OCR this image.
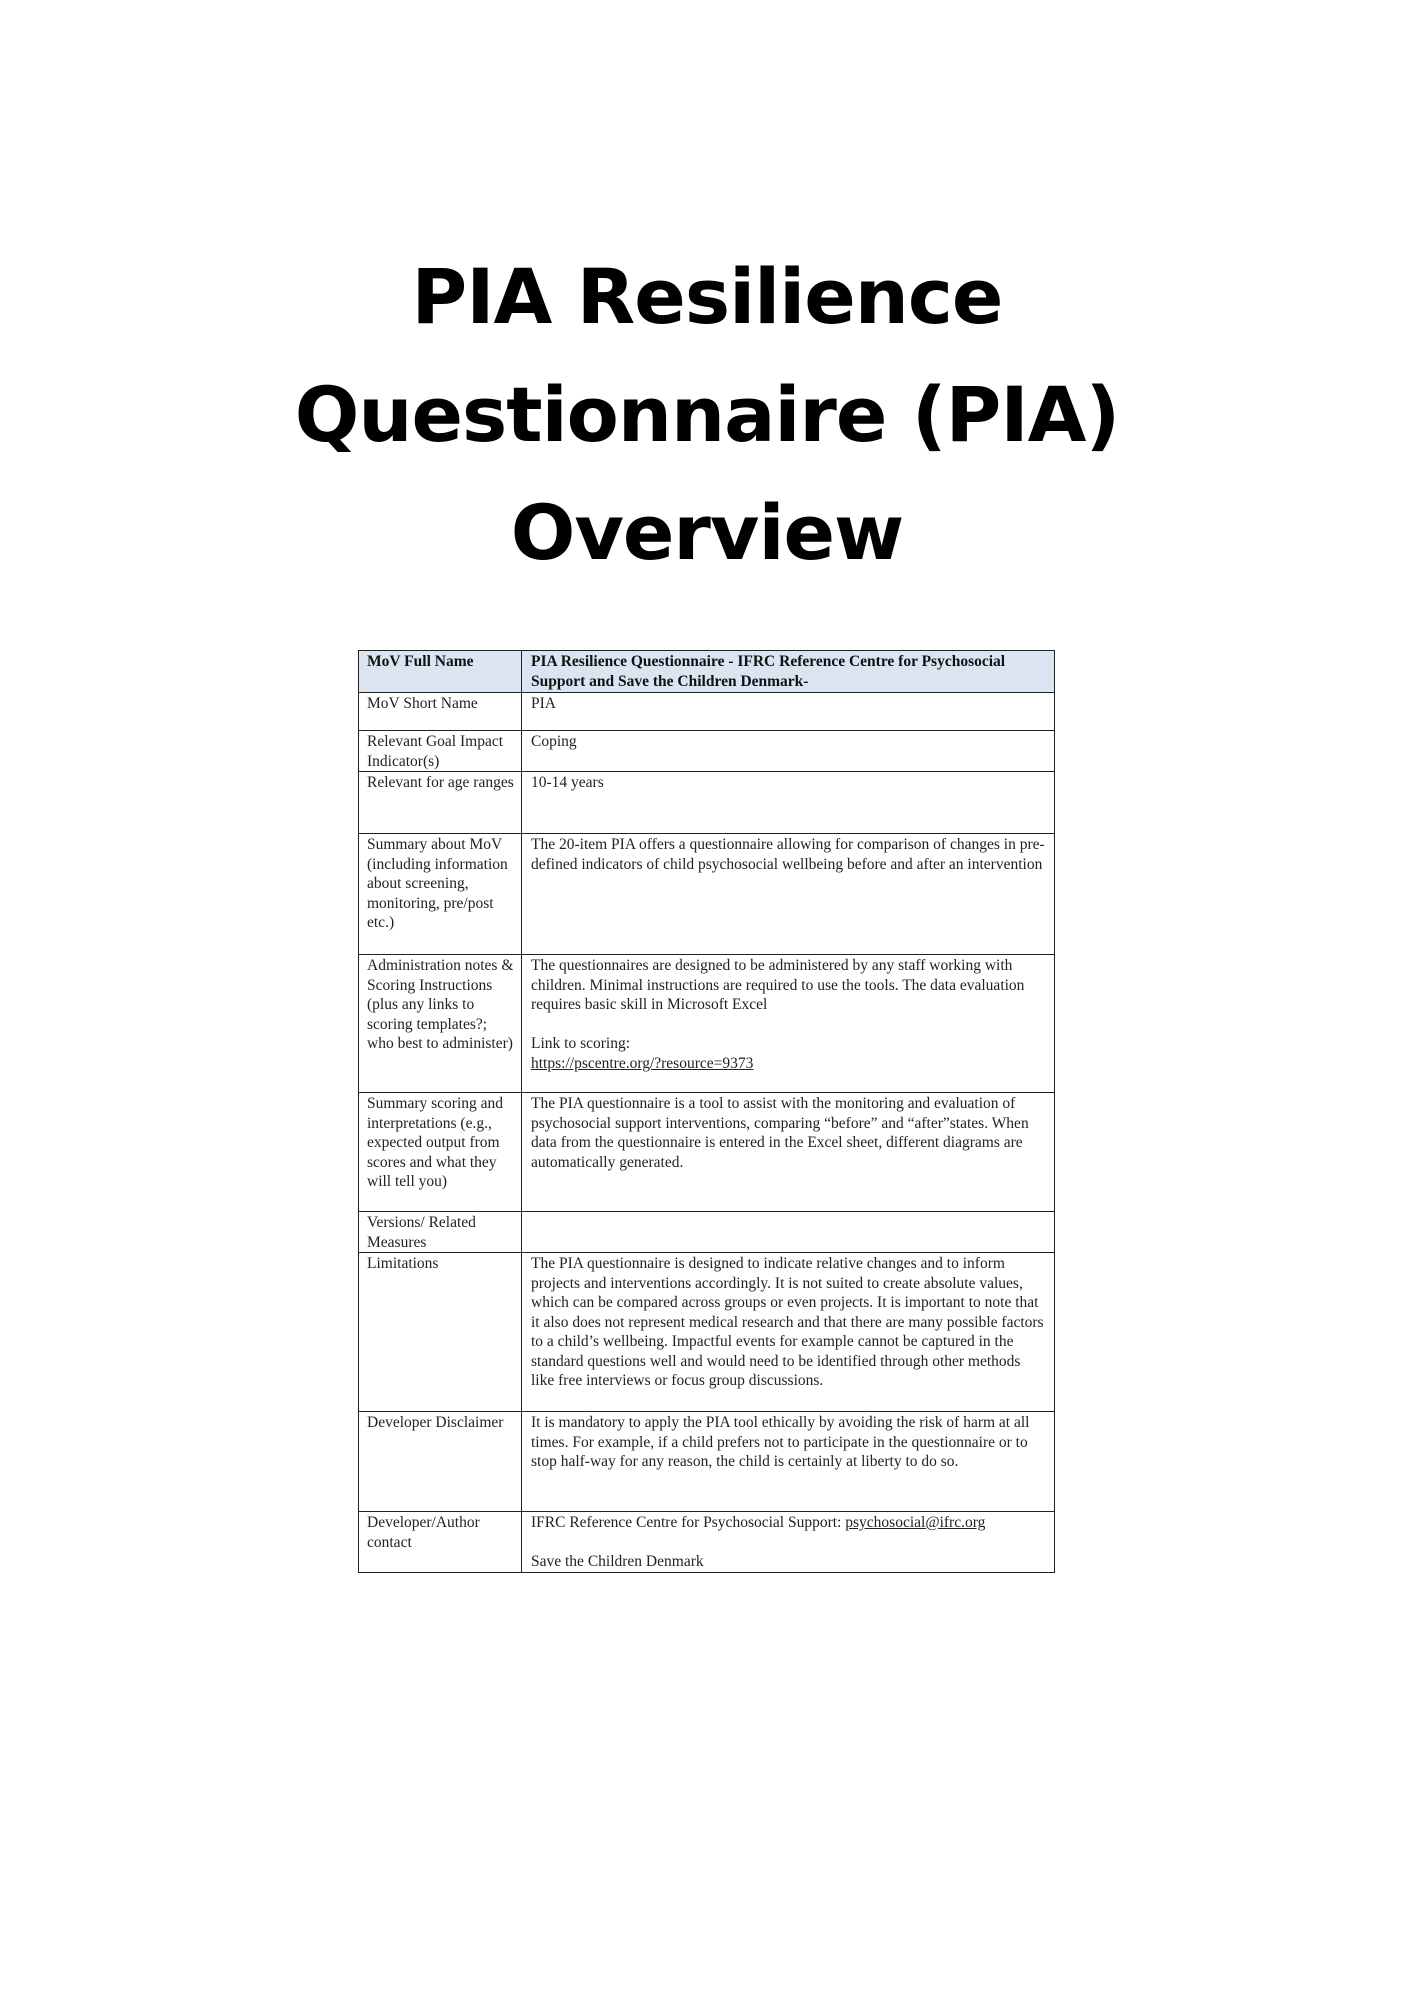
PIA Resilience
Questionnaire (PIA)
Overview
MoV Full Name	PIA Resilience Questionnaire - IFRC Reference Centre for Psychosocial Support and Save the Children Denmark-
MoV Short Name	PIA
Relevant Goal Impact Indicator(s)	Coping
Relevant for age ranges	10-14 years
Summary about MoV (including information about screening, monitoring, pre/post etc.)	The 20-item PIA offers a questionnaire allowing for comparison of changes in pre-defined indicators of child psychosocial wellbeing before and after an intervention
Administration notes & Scoring Instructions (plus any links to scoring templates?; who best to administer)	The questionnaires are designed to be administered by any staff working with children. Minimal instructions are required to use the tools. The data evaluation requires basic skill in Microsoft Excel
Link to scoring:
https://pscentre.org/?resource=9373
Summary scoring and interpretations (e.g., expected output from scores and what they will tell you)	The PIA questionnaire is a tool to assist with the monitoring and evaluation of psychosocial support interventions, comparing “before” and “after”states. When data from the questionnaire is entered in the Excel sheet, different diagrams are automatically generated.
Versions/ Related Measures	
Limitations	The PIA questionnaire is designed to indicate relative changes and to inform projects and interventions accordingly. It is not suited to create absolute values, which can be compared across groups or even projects. It is important to note that it also does not represent medical research and that there are many possible factors to a child’s wellbeing. Impactful events for example cannot be captured in the standard questions well and would need to be identified through other methods like free interviews or focus group discussions.
Developer Disclaimer	It is mandatory to apply the PIA tool ethically by avoiding the risk of harm at all times. For example, if a child prefers not to participate in the questionnaire or to stop half-way for any reason, the child is certainly at liberty to do so.
Developer/Author contact	IFRC Reference Centre for Psychosocial Support: psychosocial@ifrc.org
Save the Children Denmark
